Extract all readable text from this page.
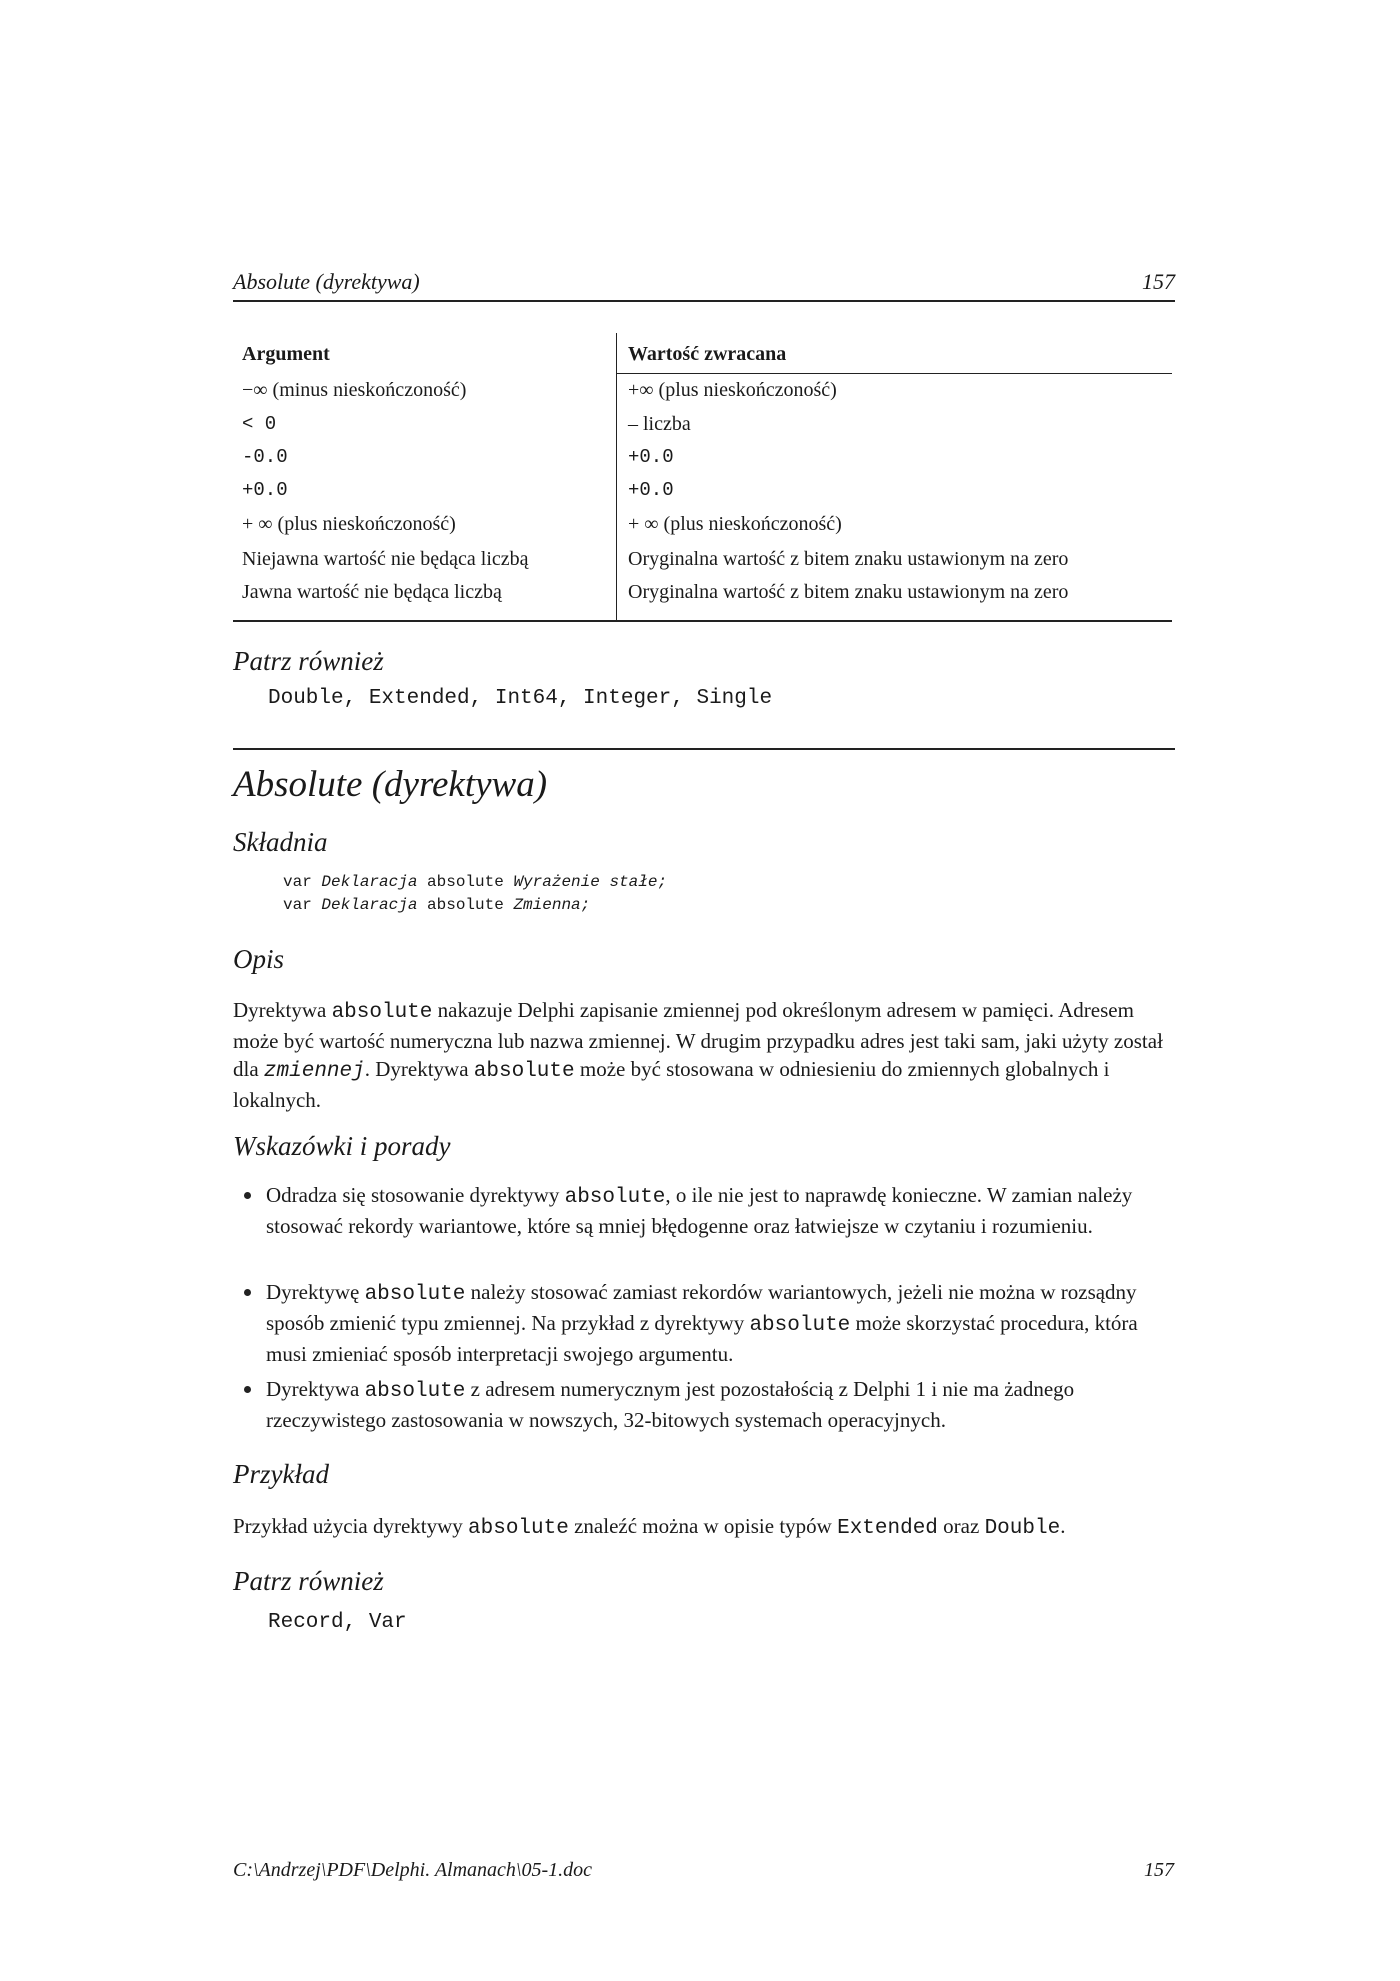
Absolute (dyrektywa)	157
Argument	Wartość zwracana
−∞ (minus nieskończoność)	+∞ (plus nieskończoność)
< 0	– liczba
-0.0	+0.0
+0.0	+0.0
+ ∞ (plus nieskończoność)	+ ∞ (plus nieskończoność)
Niejawna wartość nie będąca liczbą	Oryginalna wartość z bitem znaku ustawionym na zero
Jawna wartość nie będąca liczbą	Oryginalna wartość z bitem znaku ustawionym na zero
Patrz również
Double, Extended, Int64, Integer, Single
Absolute (dyrektywa)
Składnia
var Deklaracja absolute Wyrażenie stałe;
var Deklaracja absolute Zmienna;
Opis
Dyrektywa absolute nakazuje Delphi zapisanie zmiennej pod określonym adresem w pamięci. Adresem może być wartość numeryczna lub nazwa zmiennej. W drugim przypadku adres jest taki sam, jaki użyty został dla zmiennej. Dyrektywa absolute może być stosowana w odniesieniu do zmiennych globalnych i lokalnych.
Wskazówki i porady
Odradza się stosowanie dyrektywy absolute, o ile nie jest to naprawdę konieczne. W zamian należy stosować rekordy wariantowe, które są mniej błędogenne oraz łatwiejsze w czytaniu i rozumieniu.
Dyrektywę absolute należy stosować zamiast rekordów wariantowych, jeżeli nie można w rozsądny sposób zmienić typu zmiennej. Na przykład z dyrektywy absolute może skorzystać procedura, która musi zmieniać sposób interpretacji swojego argumentu.
Dyrektywa absolute z adresem numerycznym jest pozostałością z Delphi 1 i nie ma żadnego rzeczywistego zastosowania w nowszych, 32-bitowych systemach operacyjnych.
Przykład
Przykład użycia dyrektywy absolute znaleźć można w opisie typów Extended oraz Double.
Patrz również
Record, Var
C:\Andrzej\PDF\Delphi. Almanach\05-1.doc	157
